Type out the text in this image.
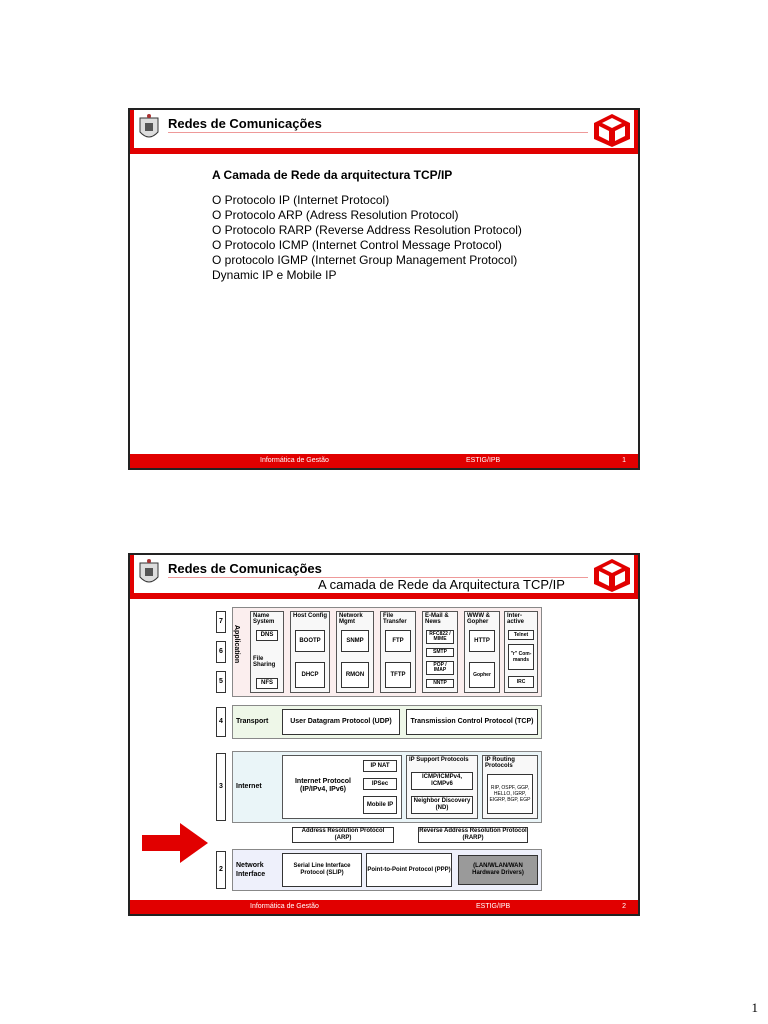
Redes de Comunicações
A Camada de Rede da arquitectura TCP/IP
O Protocolo IP (Internet Protocol)
O Protocolo ARP (Adress Resolution Protocol)
O Protocolo RARP (Reverse Address Resolution Protocol)
O Protocolo ICMP (Internet Control Message Protocol)
O protocolo IGMP (Internet Group Management Protocol)
Dynamic IP e Mobile IP
Informática de Gestão	ESTIG/IPB	1
Redes de Comunicações
A camada de Rede da Arquitectura TCP/IP
7
6
5
4
3
2
Application
Name System
DNS
File Sharing
NFS
Host Config
BOOTP
DHCP
Network Mgmt
SNMP
RMON
File Transfer
FTP
TFTP
E-Mail & News
RFC822 / MIME
SMTP
POP / IMAP
NNTP
WWW & Gopher
HTTP
Gopher
Inter-active
Telnet
"r" Com-mands
IRC
Transport	User Datagram Protocol (UDP)	Transmission Control Protocol (TCP)
Internet
Internet Protocol (IP/IPv4, IPv6)
IP NAT
IPSec
Mobile IP
IP Support Protocols
ICMP/ICMPv4, ICMPv6
Neighbor Discovery (ND)
IP Routing Protocols
RIP, OSPF, GGP, HELLO, IGRP, EIGRP, BGP, EGP
Address Resolution Protocol (ARP)
Reverse Address Resolution Protocol (RARP)
Network Interface
Serial Line Interface Protocol (SLIP)
Point-to-Point Protocol (PPP)
(LAN/WLAN/WAN Hardware Drivers)
Informática de Gestão	ESTIG/IPB	2
1
